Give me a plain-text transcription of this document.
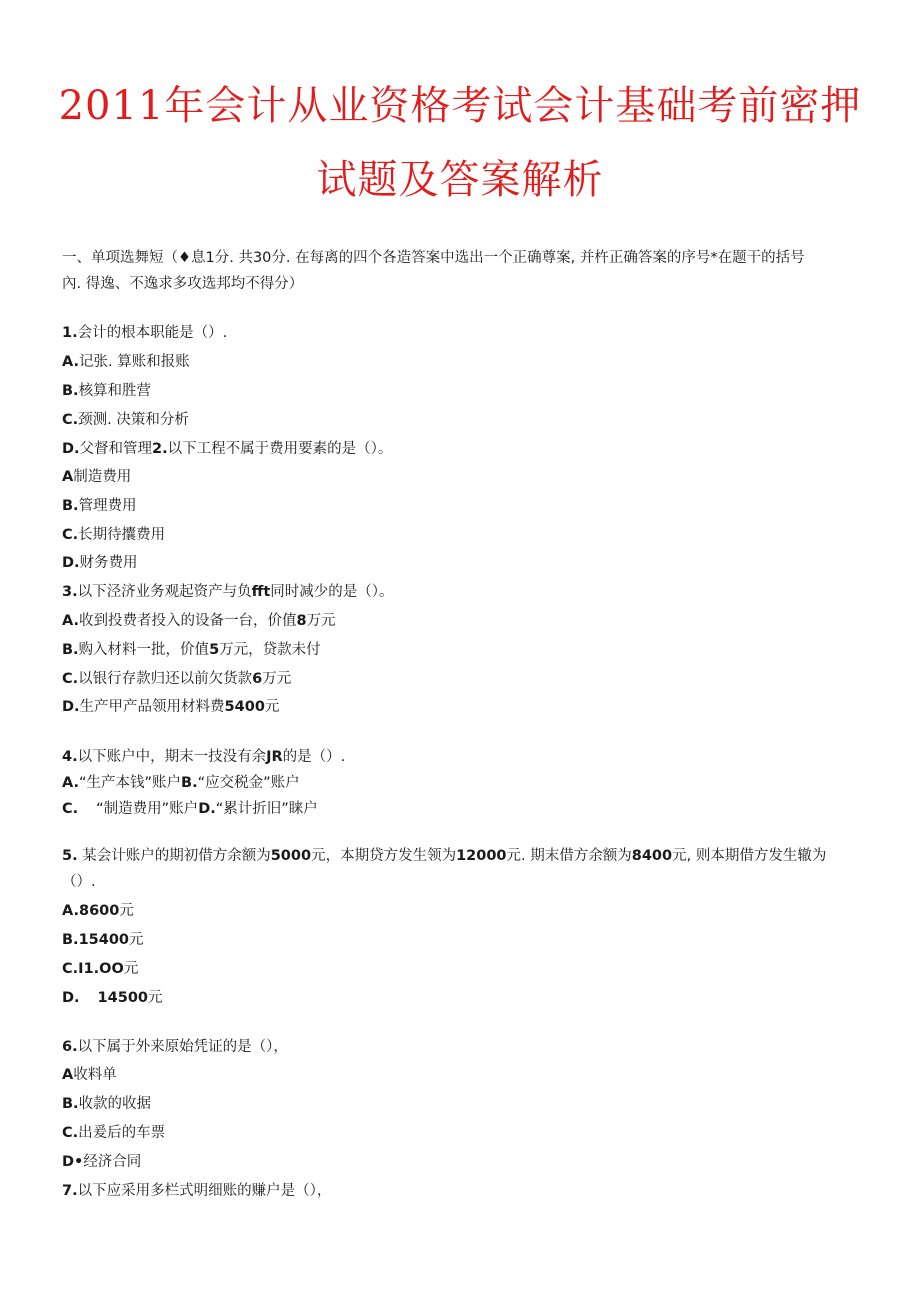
2011年会计从业资格考试会计基础考前密押
试题及答案解析
一、单项选舞短（♦息1分. 共30分. 在每离的四个各造答案中选出一个正确尊案, 并杵正确答案的序号*在题干的括号
內. 得逸、不逸求多攻选邦均不得分）
1.会计的根本职能是（）.
A.记张. 算账和报账
B.核算和胜营
C.颈测. 决策和分析
D.父督和管理2.以下工程不属于费用要素的是（）。
A制造费用
B.管理费用
C.长期待攮费用
D.财务费用
3.以下泾济业务观起资产与负fft同时减少的是（）。
A.收到投费者投入的设备一台，价值8万元
B.购入材料一批，价值5万元，贷款未付
C.以银行存款归还以前欠货款6万元
D.生产甲产品领用材料费5400元
4.以下账户中，期末一技没有余JR的是（）.
A.“生产本钱”账户B.“应交税金”账户
C. “制造费用”账户D.“累计折旧”睐户
5. 某会计账户的期初借方余额为5000元，本期贷方发生领为12000元. 期末借方余额为8400元, 则本期借方发生辙为
（）.
A.8600元
B.15400元
C.I1.OO元
D. 14500元
6.以下属于外来原始凭证的是（），
A收料单
B.收款的收据
C.出爰后的车票
D•经济合同
7.以下应采用多栏式明细账的赚户是（），
